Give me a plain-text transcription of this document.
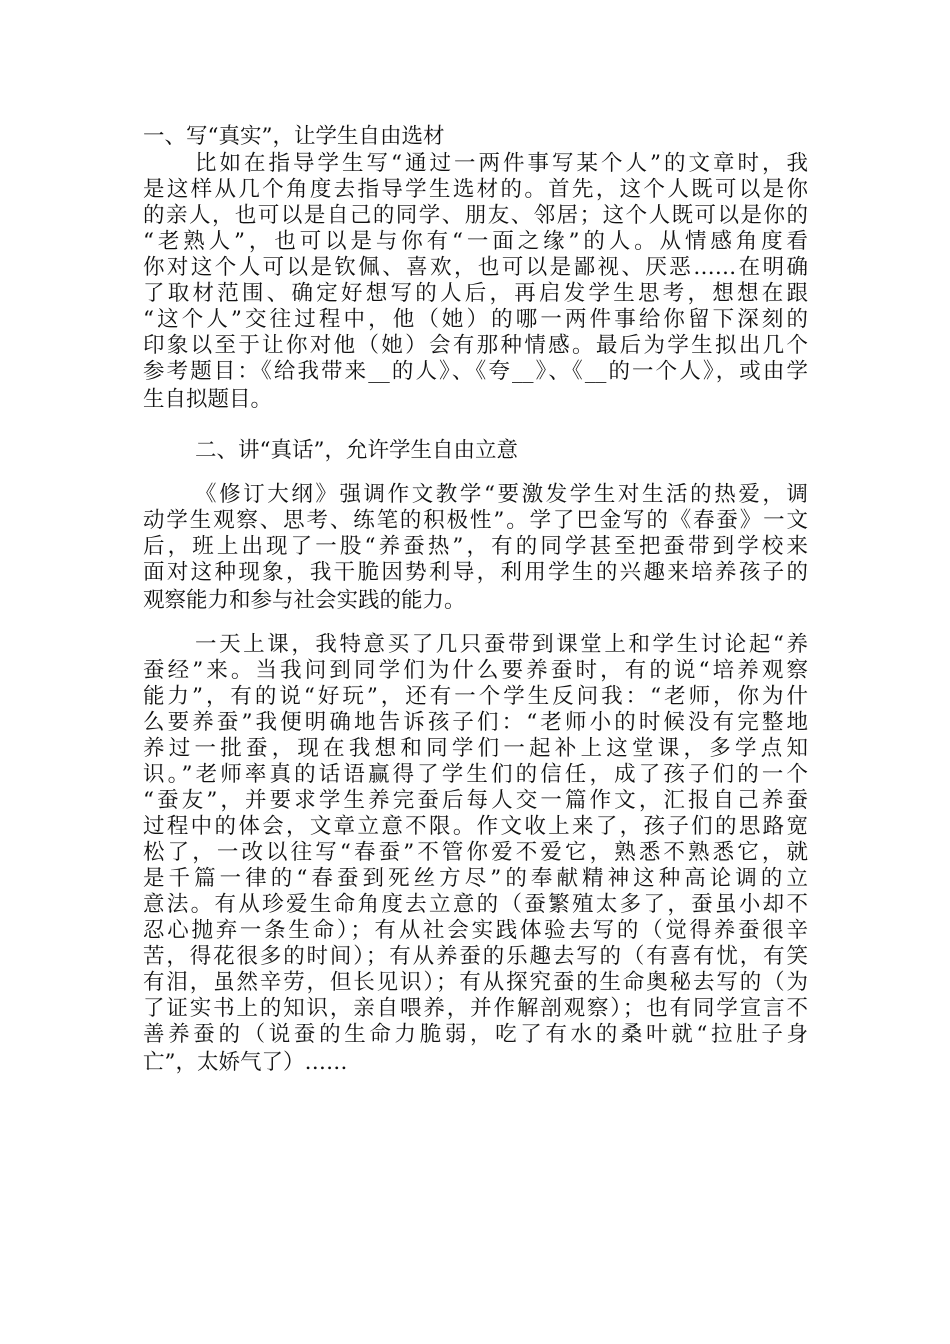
一、写“真实”，让学生自由选材
比如在指导学生写“通过一两件事写某个人”的文章时，我
是这样从几个角度去指导学生选材的。首先，这个人既可以是你
的亲人，也可以是自己的同学、朋友、邻居；这个人既可以是你的
“老熟人”，也可以是与你有“一面之缘”的人。从情感角度看
你对这个人可以是钦佩、喜欢，也可以是鄙视、厌恶……在明确
了取材范围、确定好想写的人后，再启发学生思考，想想在跟
“这个人”交往过程中，他（她）的哪一两件事给你留下深刻的
印象以至于让你对他（她）会有那种情感。最后为学生拟出几个
参考题目：《给我带来__的人》、《夸__》、《__的一个人》，或由学
生自拟题目。
二、讲“真话”，允许学生自由立意
《修订大纲》强调作文教学“要激发学生对生活的热爱，调
动学生观察、思考、练笔的积极性”。学了巴金写的《春蚕》一文
后，班上出现了一股“养蚕热”，有的同学甚至把蚕带到学校来
面对这种现象，我干脆因势利导，利用学生的兴趣来培养孩子的
观察能力和参与社会实践的能力。
一天上课，我特意买了几只蚕带到课堂上和学生讨论起“养
蚕经”来。当我问到同学们为什么要养蚕时，有的说“培养观察
能力”，有的说“好玩”，还有一个学生反问我：“老师，你为什
么要养蚕”我便明确地告诉孩子们：“老师小的时候没有完整地
养过一批蚕，现在我想和同学们一起补上这堂课，多学点知
识。”老师率真的话语赢得了学生们的信任，成了孩子们的一个
“蚕友”，并要求学生养完蚕后每人交一篇作文，汇报自己养蚕
过程中的体会，文章立意不限。作文收上来了，孩子们的思路宽
松了，一改以往写“春蚕”不管你爱不爱它，熟悉不熟悉它，就
是千篇一律的“春蚕到死丝方尽”的奉献精神这种高论调的立
意法。有从珍爱生命角度去立意的（蚕繁殖太多了，蚕虽小却不
忍心抛弃一条生命）；有从社会实践体验去写的（觉得养蚕很辛
苦，得花很多的时间）；有从养蚕的乐趣去写的（有喜有忧，有笑
有泪，虽然辛劳，但长见识）；有从探究蚕的生命奥秘去写的（为
了证实书上的知识，亲自喂养，并作解剖观察）；也有同学宣言不
善养蚕的（说蚕的生命力脆弱，吃了有水的桑叶就“拉肚子身
亡”，太娇气了）……
